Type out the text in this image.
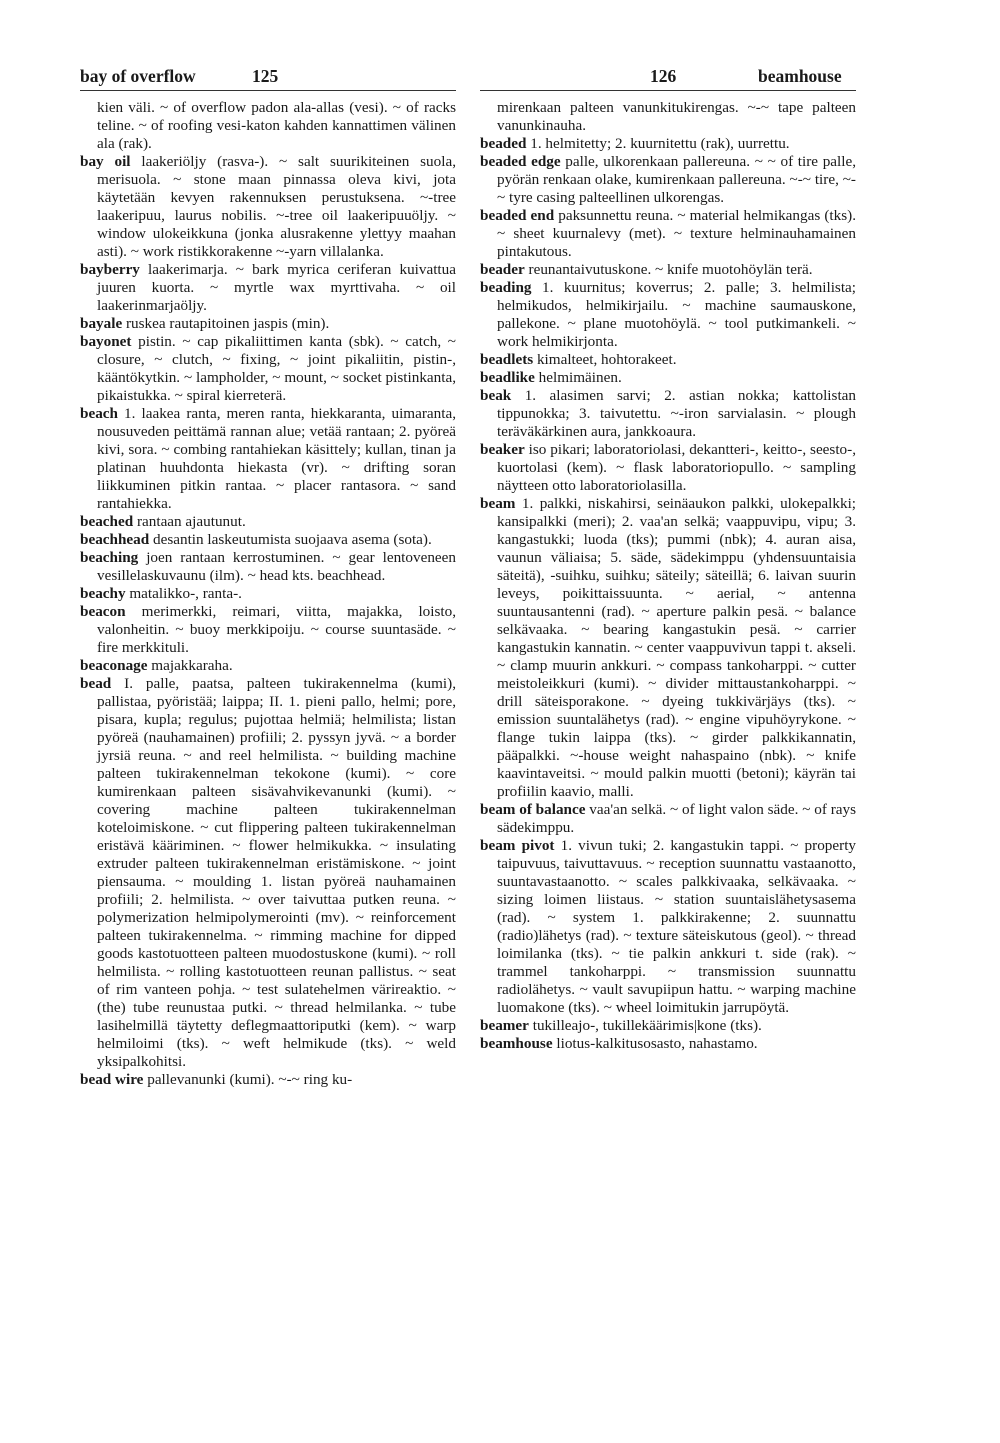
bay of overflow	125	126	beamhouse

kien väli. ~ of overflow padon ala-allas (vesi). ~ of racks teline. ~ of roofing vesi-katon kahden kannattimen välinen ala (rak).

bay oil laakeriöljy (rasva-). ~ salt suurikiteinen suola, merisuola. ~ stone maan pinnassa oleva kivi, jota käytetään kevyen rakennuksen perustuksena. ~-tree laakeripuu, laurus nobilis. ~-tree oil laakeripuuöljy. ~ window ulokeikkuna (jonka alusrakenne ylettyy maahan asti). ~ work ristikkorakenne ~-yarn villalanka.

bayberry laakerimarja. ~ bark myrica ceriferan kuivattua juuren kuorta. ~ myrtle wax myrttivaha. ~ oil laakerinmarjaöljy.

bayale ruskea rautapitoinen jaspis (min).

bayonet pistin. ~ cap pikaliittimen kanta (sbk). ~ catch, ~ closure, ~ clutch, ~ fixing, ~ joint pikaliitin, pistin-, kääntökytkin. ~ lampholder, ~ mount, ~ socket pistinkanta, pikaistukka. ~ spiral kierreterä.

beach 1. laakea ranta, meren ranta, hiekkaranta, uimaranta, nousuveden peittämä rannan alue; vetää rantaan; 2. pyöreä kivi, sora. ~ combing rantahiekan käsittely; kullan, tinan ja platinan huuhdonta hiekasta (vr). ~ drifting soran liikkuminen pitkin rantaa. ~ placer rantasora. ~ sand rantahiekka.

beached rantaan ajautunut.

beachhead desantin laskeutumista suojaava asema (sota).

beaching joen rantaan kerrostuminen. ~ gear lentoveneen vesillelaskuvaunu (ilm). ~ head kts. beachhead.

beachy matalikko-, ranta-.

beacon merimerkki, reimari, viitta, majakka, loisto, valonheitin. ~ buoy merkkipoiju. ~ course suuntasäde. ~ fire merkkituli.

beaconage majakkaraha.

bead I. palle, paatsa, palteen tukirakennelma (kumi), pallistaa, pyöristää; laippa; II. 1. pieni pallo, helmi; pore, pisara, kupla; regulus; pujottaa helmiä; helmilista; listan pyöreä (nauhamainen) profiili; 2. pyssyn jyvä. ~ a border jyrsiä reuna. ~ and reel helmilista. ~ building machine palteen tukirakennelman tekokone (kumi). ~ core kumirenkaan palteen sisävahvikevanunki (kumi). ~ covering machine palteen tukirakennelman koteloimiskone. ~ cut flippering palteen tukirakennelman eristävä kääriminen. ~ flower helmikukka. ~ insulating extruder palteen tukirakennelman eristämiskone. ~ joint piensauma. ~ moulding 1. listan pyöreä nauhamainen profiili; 2. helmilista. ~ over taivuttaa putken reuna. ~ polymerization helmipolymerointi (mv). ~ reinforcement palteen tukirakennelma. ~ rimming machine for dipped goods kastotuotteen palteen muodostuskone (kumi). ~ roll helmilista. ~ rolling kastotuotteen reunan pallistus. ~ seat of rim vanteen pohja. ~ test sulatehelmen värireaktio. ~ (the) tube reunustaa putki. ~ thread helmilanka. ~ tube lasihelmillä täytetty deflegmaattoriputki (kem). ~ warp helmiloimi (tks). ~ weft helmikude (tks). ~ weld yksipalkohitsi.

bead wire pallevanunki (kumi). ~-~ ring ku-

mirenkaan palteen vanunkitukirengas. ~-~ tape palteen vanunkinauha.

beaded 1. helmitetty; 2. kuurnitettu (rak), uurrettu.

beaded edge palle, ulkorenkaan pallereuna. ~ ~ of tire palle, pyörän renkaan olake, kumirenkaan pallereuna. ~-~ tire, ~-~ tyre casing palteellinen ulkorengas.

beaded end paksunnettu reuna. ~ material helmikangas (tks). ~ sheet kuurnalevy (met). ~ texture helminauhamainen pintakutous.

beader reunantaivutuskone. ~ knife muotohöylän terä.

beading 1. kuurnitus; koverrus; 2. palle; 3. helmilista; helmikudos, helmikirjailu. ~ machine saumauskone, pallekone. ~ plane muotohöylä. ~ tool putkimankeli. ~ work helmikirjonta.

beadlets kimalteet, hohtorakeet.

beadlike helmimäinen.

beak 1. alasimen sarvi; 2. astian nokka; kattolistan tippunokka; 3. taivutettu. ~-iron sarvialasin. ~ plough teräväkärkinen aura, jankkoaura.

beaker iso pikari; laboratoriolasi, dekantteri-, keitto-, seesto-, kuortolasi (kem). ~ flask laboratoriopullo. ~ sampling näytteen otto laboratoriolasilla.

beam 1. palkki, niskahirsi, seinäaukon palkki, ulokepalkki; kansipalkki (meri); 2. vaa'an selkä; vaappuvipu, vipu; 3. kangastukki; luoda (tks); pummi (nbk); 4. auran aisa, vaunun väliaisa; 5. säde, sädekimppu (yhdensuuntaisia säteitä), -suihku, suihku; säteily; säteillä; 6. laivan suurin leveys, poikittaissuunta. ~ aerial, ~ antenna suuntausantenni (rad). ~ aperture palkin pesä. ~ balance selkävaaka. ~ bearing kangastukin pesä. ~ carrier kangastukin kannatin. ~ center vaappuvivun tappi t. akseli. ~ clamp muurin ankkuri. ~ compass tankoharppi. ~ cutter meistoleikkuri (kumi). ~ divider mittaustankoharppi. ~ drill säteisporakone. ~ dyeing tukkivärjäys (tks). ~ emission suuntalähetys (rad). ~ engine vipuhöyrykone. ~ flange tukin laippa (tks). ~ girder palkkikannatin, pääpalkki. ~-house weight nahaspaino (nbk). ~ knife kaavintaveitsi. ~ mould palkin muotti (betoni); käyrän tai profiilin kaavio, malli.

beam of balance vaa'an selkä. ~ of light valon säde. ~ of rays sädekimppu.

beam pivot 1. vivun tuki; 2. kangastukin tappi. ~ property taipuvuus, taivuttavuus. ~ reception suunnattu vastaanotto, suuntavastaanotto. ~ scales palkkivaaka, selkävaaka. ~ sizing loimen liistaus. ~ station suuntaislähetysasema (rad). ~ system 1. palkkirakenne; 2. suunnattu (radio)lähetys (rad). ~ texture säteiskutous (geol). ~ thread loimilanka (tks). ~ tie palkin ankkuri t. side (rak). ~ trammel tankoharppi. ~ transmission suunnattu radiolähetys. ~ vault savupiipun hattu. ~ warping machine luomakone (tks). ~ wheel loimitukin jarrupöytä.

beamer tukilleajo-, tukillekäärimis|kone (tks).

beamhouse liotus-kalkitusosasto, nahastamo.
